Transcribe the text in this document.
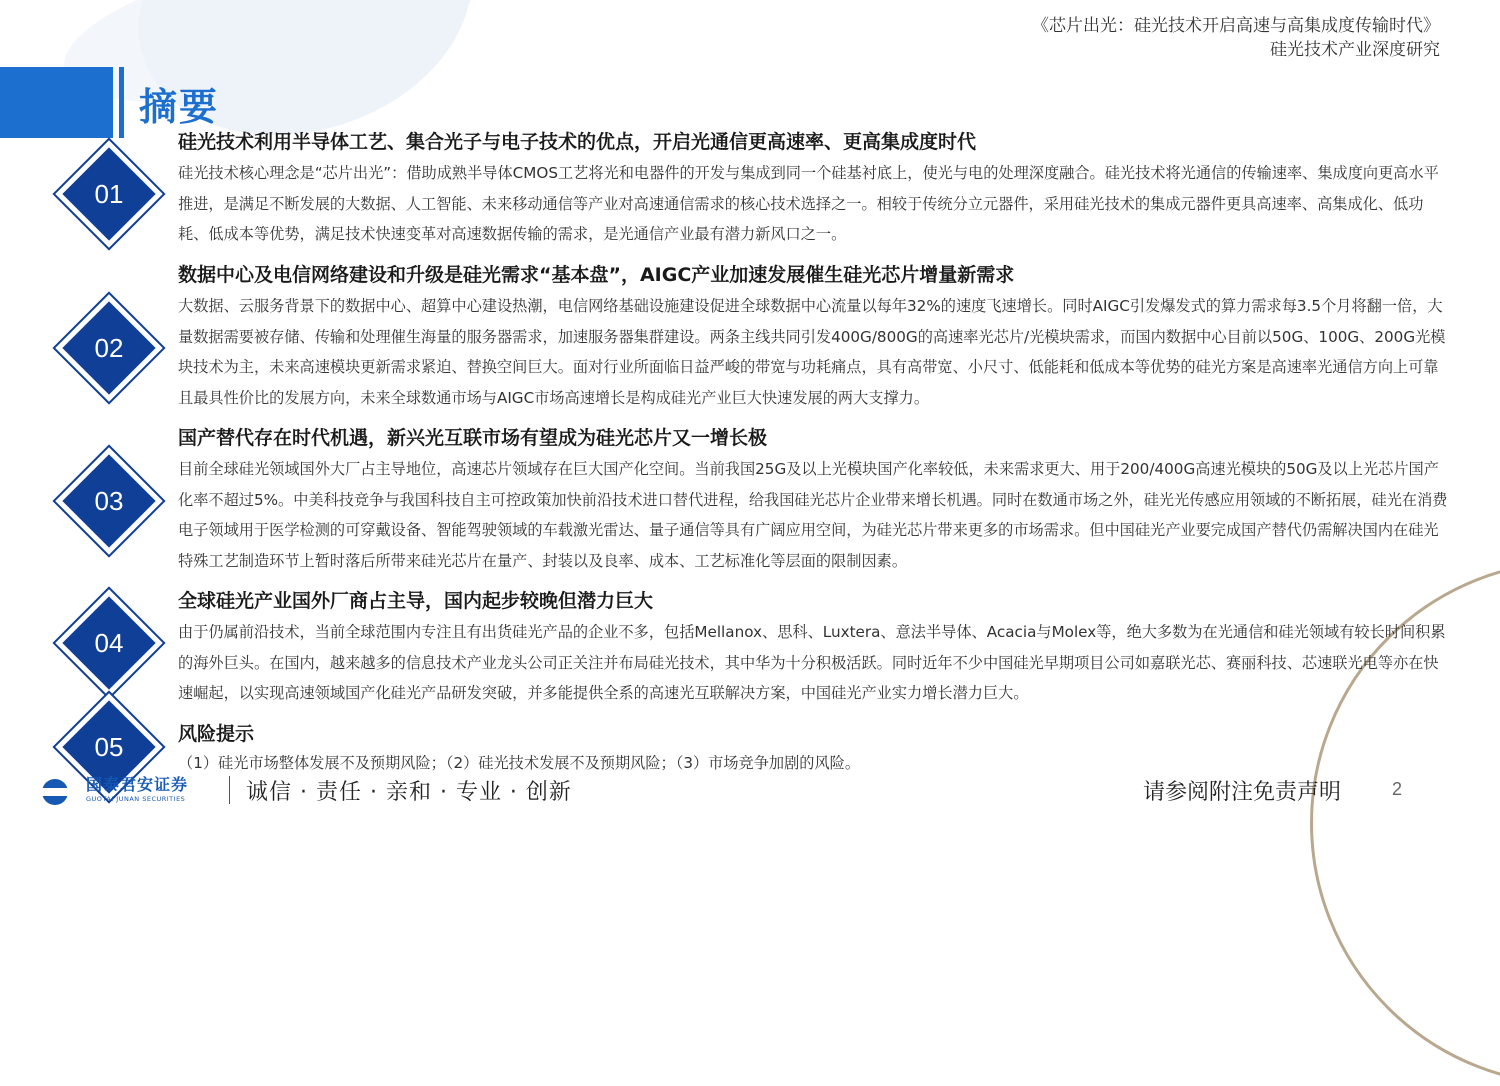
《芯片出光：硅光技术开启高速与高集成度传输时代》
硅光技术产业深度研究
摘要
01
硅光技术利用半导体工艺、集合光子与电子技术的优点，开启光通信更高速率、更高集成度时代

硅光技术核心理念是“芯片出光”：借助成熟半导体CMOS工艺将光和电器件的开发与集成到同一个硅基衬底上，使光与电的处理深度融合。硅光技术将光通信的传输速率、集成度向更高水平推进，是满足不断发展的大数据、人工智能、未来移动通信等产业对高速通信需求的核心技术选择之一。相较于传统分立元器件，采用硅光技术的集成元器件更具高速率、高集成化、低功耗、低成本等优势，满足技术快速变革对高速数据传输的需求，是光通信产业最有潜力新风口之一。

02
数据中心及电信网络建设和升级是硅光需求“基本盘”，AIGC产业加速发展催生硅光芯片增量新需求

大数据、云服务背景下的数据中心、超算中心建设热潮，电信网络基础设施建设促进全球数据中心流量以每年32%的速度飞速增长。同时AIGC引发爆发式的算力需求每3.5个月将翻一倍，大量数据需要被存储、传输和处理催生海量的服务器需求，加速服务器集群建设。两条主线共同引发400G/800G的高速率光芯片/光模块需求，而国内数据中心目前以50G、100G、200G光模块技术为主，未来高速模块更新需求紧迫、替换空间巨大。面对行业所面临日益严峻的带宽与功耗痛点，具有高带宽、小尺寸、低能耗和低成本等优势的硅光方案是高速率光通信方向上可靠且最具性价比的发展方向，未来全球数通市场与AIGC市场高速增长是构成硅光产业巨大快速发展的两大支撑力。

03
国产替代存在时代机遇，新兴光互联市场有望成为硅光芯片又一增长极

目前全球硅光领域国外大厂占主导地位，高速芯片领域存在巨大国产化空间。当前我国25G及以上光模块国产化率较低，未来需求更大、用于200/400G高速光模块的50G及以上光芯片国产化率不超过5%。中美科技竞争与我国科技自主可控政策加快前沿技术进口替代进程，给我国硅光芯片企业带来增长机遇。同时在数通市场之外，硅光光传感应用领域的不断拓展，硅光在消费电子领域用于医学检测的可穿戴设备、智能驾驶领域的车载激光雷达、量子通信等具有广阔应用空间，为硅光芯片带来更多的市场需求。但中国硅光产业要完成国产替代仍需解决国内在硅光特殊工艺制造环节上暂时落后所带来硅光芯片在量产、封装以及良率、成本、工艺标准化等层面的限制因素。

04
全球硅光产业国外厂商占主导，国内起步较晚但潜力巨大

由于仍属前沿技术，当前全球范围内专注且有出货硅光产品的企业不多，包括Mellanox、思科、Luxtera、意法半导体、Acacia与Molex等，绝大多数为在光通信和硅光领域有较长时间积累的海外巨头。在国内，越来越多的信息技术产业龙头公司正关注并布局硅光技术，其中华为十分积极活跃。同时近年不少中国硅光早期项目公司如嘉联光芯、赛丽科技、芯速联光电等亦在快速崛起，以实现高速领域国产化硅光产品研发突破，并多能提供全系的高速光互联解决方案，中国硅光产业实力增长潜力巨大。

05	风险提示

（1）硅光市场整体发展不及预期风险；（2）硅光技术发展不及预期风险；（3）市场竞争加剧的风险。

国泰君安证券
GUOTAI JUNAN SECURITIES	诚信 · 责任 · 亲和 · 专业 · 创新	请参阅附注免责声明	2
